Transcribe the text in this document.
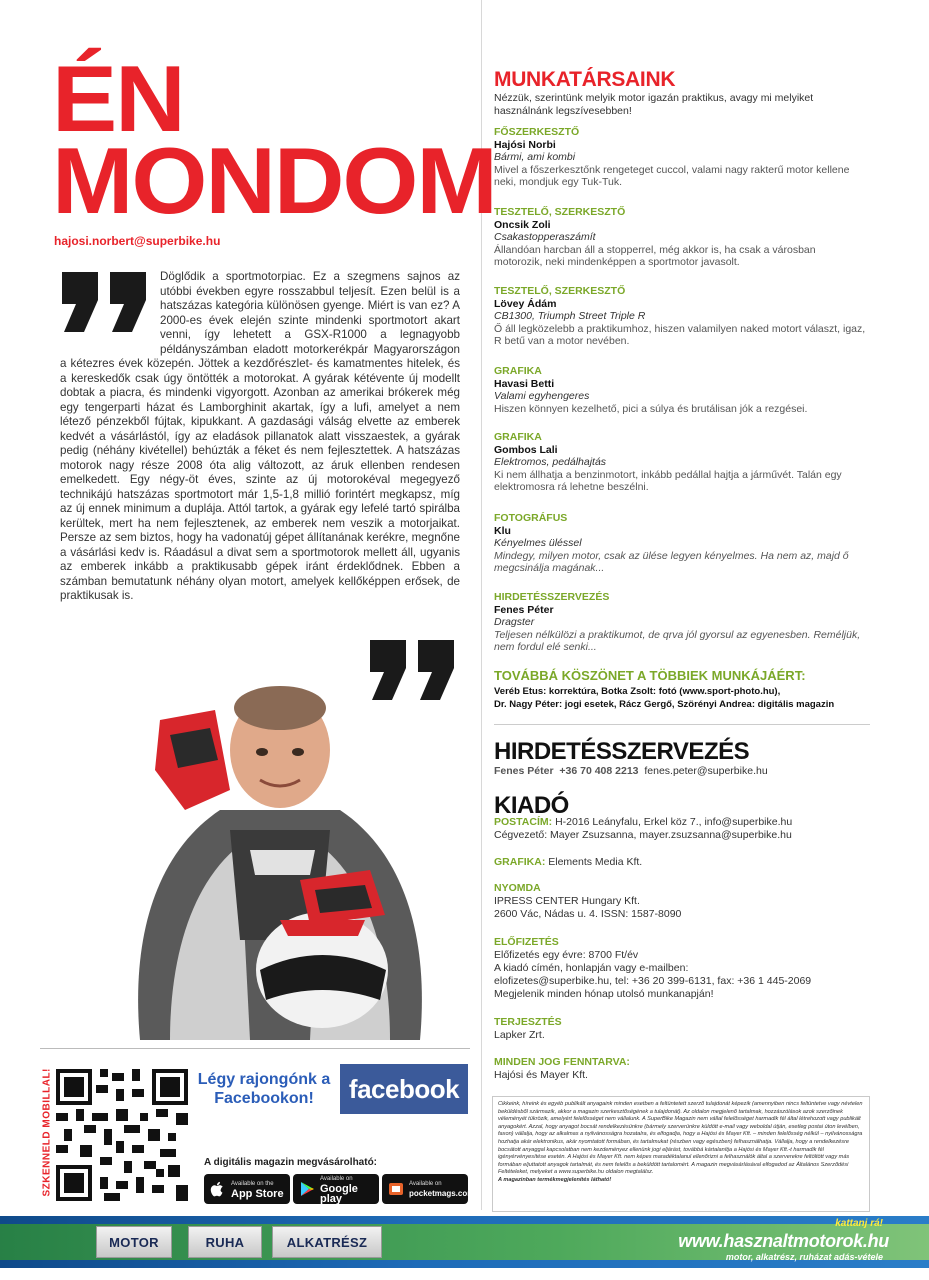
ÉN
MONDOM
hajosi.norbert@superbike.hu
Döglődik a sportmotorpiac. Ez a szegmens sajnos az utóbbi években egyre rosszabbul teljesít. Ezen belül is a hatszázas kategória különösen gyenge. Miért is van ez? A 2000-es évek elején szinte mindenki sportmotort akart venni, így lehetett a GSX-R1000 a legnagyobb példányszámban eladott motorkerékpár Magyarországon a kétezres évek közepén. Jöttek a kezdőrészlet- és kamatmentes hitelek, és a kereskedők csak úgy öntötték a motorokat. A gyárak kétévente új modellt dobtak a piacra, és mindenki vigyorgott. Azonban az amerikai brókerek még egy tengerparti házat és Lamborghinit akartak, így a lufi, amelyet a nem létező pénzekből fújtak, kipukkant. A gazdasági válság elvette az emberek kedvét a vásárlástól, így az eladások pillanatok alatt visszaestek, a gyárak pedig (néhány kivétellel) behúzták a féket és nem fejlesztettek. A hatszázas motorok nagy része 2008 óta alig változott, az áruk ellenben rendesen emelkedett. Egy négy-öt éves, szinte az új motorokéval megegyező technikájú hatszázas sportmotort már 1,5-1,8 millió forintért megkapsz, míg az új ennek minimum a duplája. Attól tartok, a gyárak egy lefelé tartó spirálba kerültek, mert ha nem fejlesztenek, az emberek nem veszik a motorjaikat. Persze az sem biztos, hogy ha vadonatúj gépet állítanának kerékre, megnőne a vásárlási kedv is. Ráadásul a divat sem a sportmotorok mellett áll, ugyanis az emberek inkább a praktikusabb gépek iránt érdeklődnek. Ebben a számban bemutatunk néhány olyan motort, amelyek kellőképpen erősek, de praktikusak is.
SZKENNELD MOBILLAL!	Légy rajongónk a Facebookon!	facebook
A digitális magazin megvásárolható:
Available on the
App Store
Available on
Google play
Available on
pocketmags.com
MUNKATÁRSAINK
Nézzük, szerintünk melyik motor igazán praktikus, avagy mi melyiket használnánk legszívesebben!
FŐSZERKESZTŐ
Hajósi Norbi
Bármi, ami kombi
Mivel a főszerkesztőnk rengeteget cuccol, valami nagy rakterű motor kellene neki, mondjuk egy Tuk-Tuk.
TESZTELŐ, SZERKESZTŐ
Oncsik Zoli
Csakastopperaszámít
Állandóan harcban áll a stopperrel, még akkor is, ha csak a városban motorozik, neki mindenképpen a sportmotor javasolt.
TESZTELŐ, SZERKESZTŐ
Lövey Ádám
CB1300, Triumph Street Triple R
Ő áll legközelebb a praktikumhoz, hiszen valamilyen naked motort választ, igaz, R betű van a motor nevében.
GRAFIKA
Havasi Betti
Valami egyhengeres
Hiszen könnyen kezelhető, pici a súlya és brutálisan jók a rezgései.
GRAFIKA
Gombos Lali
Elektromos, pedálhajtás
Ki nem állhatja a benzinmotort, inkább pedállal hajtja a járművét. Talán egy elektromosra rá lehetne beszélni.
FOTOGRÁFUS
Klu
Kényelmes üléssel
Mindegy, milyen motor, csak az ülése legyen kényelmes. Ha nem az, majd ő megcsinálja magának...
HIRDETÉSSZERVEZÉS
Fenes Péter
Dragster
Teljesen nélkülözi a praktikumot, de qrva jól gyorsul az egyenesben. Reméljük, nem fordul elé senki...
TOVÁBBÁ KÖSZÖNET A TÖBBIEK MUNKÁJÁÉRT:
Veréb Etus: korrektúra, Botka Zsolt: fotó (www.sport-photo.hu),
Dr. Nagy Péter: jogi esetek, Rácz Gergő, Szörényi Andrea: digitális magazin
HIRDETÉSSZERVEZÉS
Fenes Péter +36 70 408 2213 fenes.peter@superbike.hu
KIADÓ
POSTACÍM: H-2016 Leányfalu, Erkel köz 7., info@superbike.hu
Cégvezető: Mayer Zsuzsanna, mayer.zsuzsanna@superbike.hu
GRAFIKA: Elements Media Kft.
NYOMDA
IPRESS CENTER Hungary Kft.
2600 Vác, Nádas u. 4. ISSN: 1587-8090
ELŐFIZETÉS
Előfizetés egy évre: 8700 Ft/év
A kiadó címén, honlapján vagy e-mailben:
elofizetes@superbike.hu, tel: +36 20 399-6131, fax: +36 1 445-2069
Megjelenik minden hónap utolsó munkanapján!
TERJESZTÉS
Lapker Zrt.
MINDEN JOG FENNTARVA:
Hajósi és Mayer Kft.
Cikkeink, híreink és egyéb publikált anyagaink minden esetben a feltüntetett szerző tulajdonát képezik (amennyiben nincs feltüntetve vagy névtelen beküldésből származik, akkor a magazin szerkesztőségének a tulajdonát). Az oldalon megjelenő tartalmak, hozzászólások azok szerzőinek véleményét tükrözik, amelyért felelősséget nem vállalunk. A SuperBike Magazin nem vállal felelősséget harmadik fél által létrehozott vagy publikált anyagokért. Azzal, hogy anyagot bocsát rendelkezésünkre (bármely szerverünkre küldött e-mail vagy weboldal útján, esetleg postai úton levélben, faxon) vállalja, hogy az alkalmas a nyilvánosságra hozatalra, és elfogadja, hogy a Hajósi és Mayer Kft. – minden felelősség nélkül – nyilvánosságra hozhatja akár elektronikus, akár nyomtatott formában, és tartalmukat (részben vagy egészben) felhasználhatja. Vállalja, hogy a rendelkezésre bocsátott anyaggal kapcsolatban nem kezdeményez ellenünk jogi eljárást, továbbá kártalanítja a Hajósi és Mayer Kft.-t harmadik fél igényérvényesítése esetén. A Hajósi és Mayer Kft. nem képes maradéktalanul ellenőrizni a felhasználók által a szerverekre feltöltött vagy más formában eljuttatott anyagok tartalmát, és nem felelős a beküldött tartalomért. A magazin megvásárlásával elfogadod az Általános Szerződési Feltételeket, melyeket a www.superbike.hu oldalon megtalálsz.
A magazinban termékmegjelenítés látható!
MOTOR	RUHA	ALKATRÉSZ
kattanj rá!
www.hasznaltmotorok.hu
motor, alkatrész, ruházat adás-vétele
